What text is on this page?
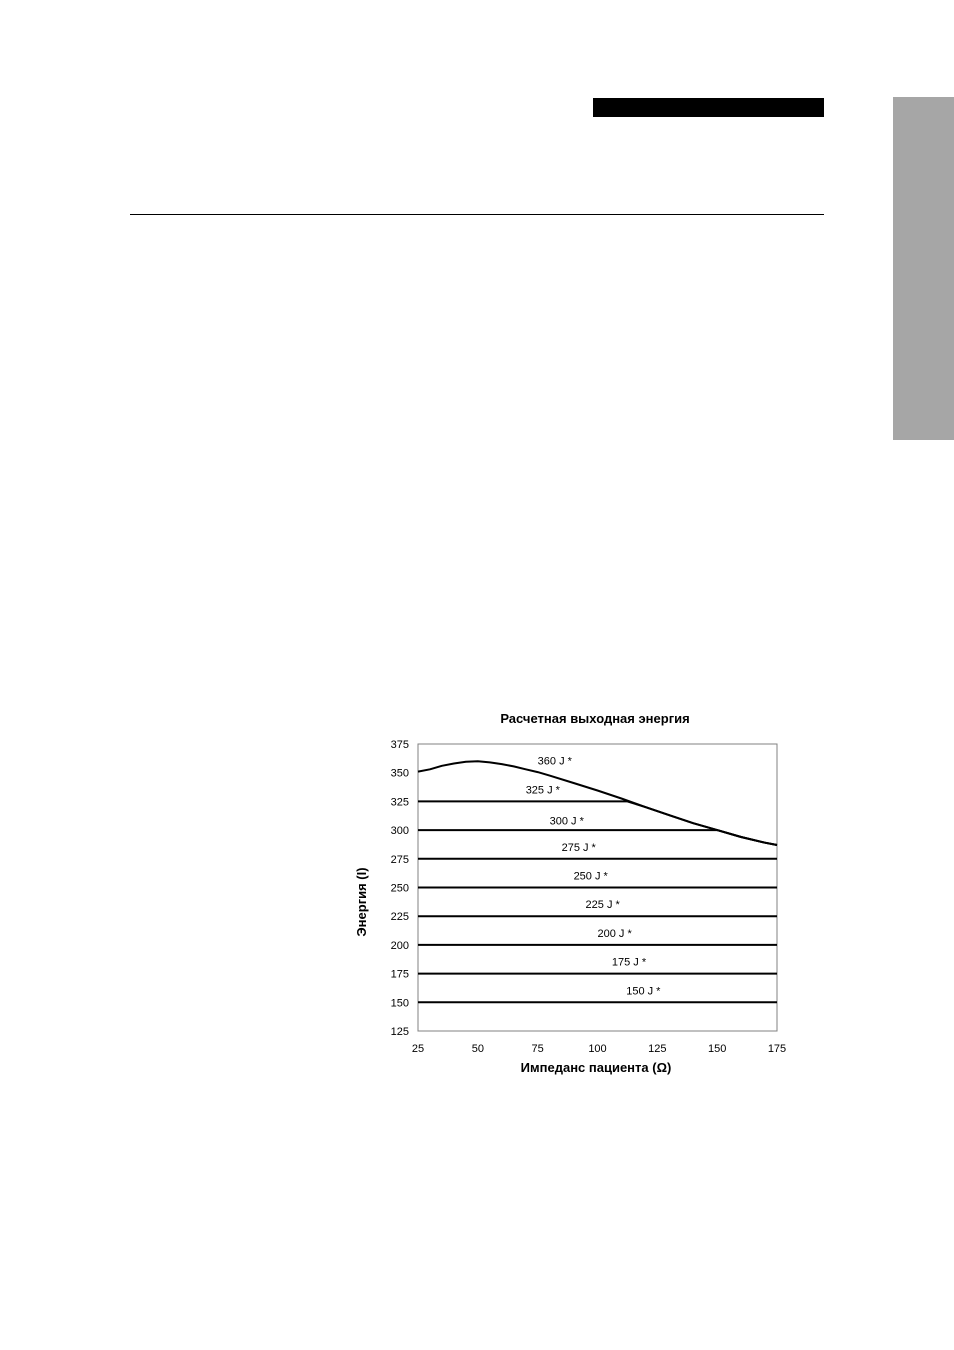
Расчетная выходная энергия
360 J *
325 J *
300 J *
275 J *
250 J *
225 J *
200 J *
175 J *
150 J *
125
150
175
200
225
250
275
300
325
350
375
25	50	75	100	125	150	175
Импеданс пациента (Ω)
Энергия (I)
